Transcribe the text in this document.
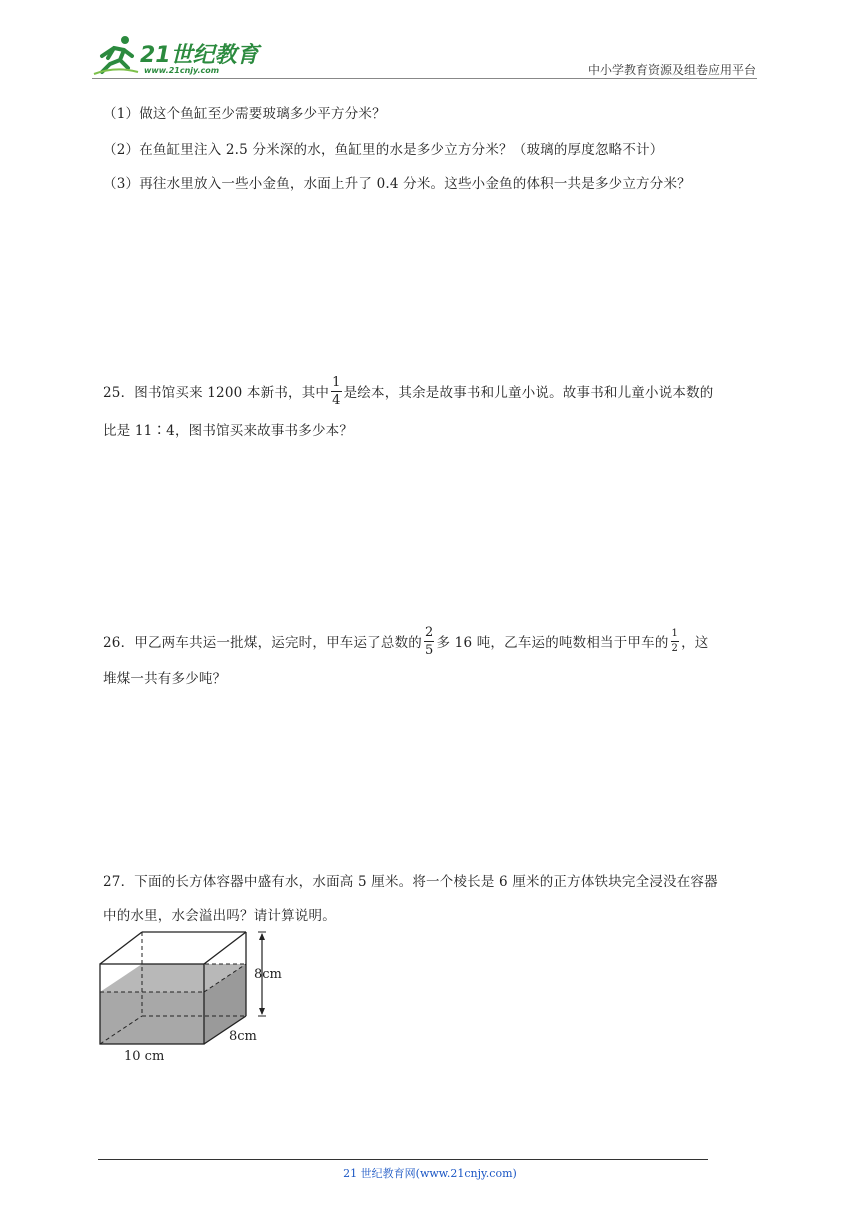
21世纪教育
www.21cnjy.com	中小学教育资源及组卷应用平台
（1）做这个鱼缸至少需要玻璃多少平方分米？
（2）在鱼缸里注入 2.5 分米深的水，鱼缸里的水是多少立方分米？（玻璃的厚度忽略不计）
（3）再往水里放入一些小金鱼，水面上升了 0.4 分米。这些小金鱼的体积一共是多少立方分米？
25．图书馆买来 1200 本新书，其中 $\frac{1}{4}$ 是绘本，其余是故事书和儿童小说。故事书和儿童小说本数的
比是 11∶4，图书馆买来故事书多少本？
26．甲乙两车共运一批煤，运完时，甲车运了总数的 $\frac{2}{5}$ 多 16 吨，乙车运的吨数相当于甲车的 $\frac{1}{2}$ ，这
堆煤一共有多少吨？
27．下面的长方体容器中盛有水，水面高 5 厘米。将一个棱长是 6 厘米的正方体铁块完全浸没在容器
中的水里，水会溢出吗？请计算说明。
8cm
8cm
10 cm
21 世纪教育网(www.21cnjy.com)
